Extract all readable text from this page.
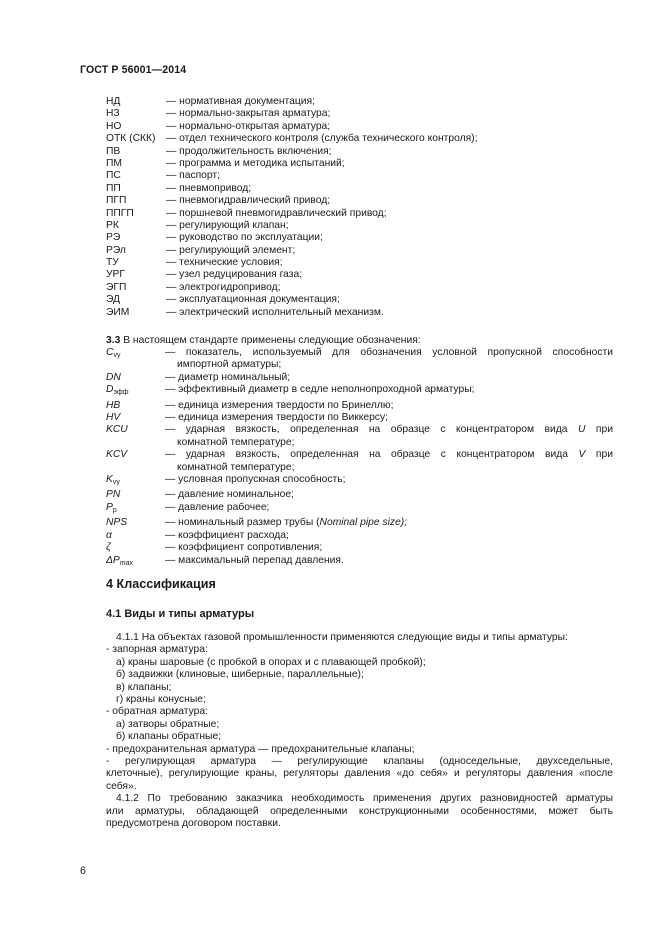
ГОСТ Р 56001—2014
НД	— нормативная документация;
НЗ	— нормально-закрытая арматура;
НО	— нормально-открытая арматура;
ОТК (СКК)	— отдел технического контроля (служба технического контроля);
ПВ	— продолжительность включения;
ПМ	— программа и методика испытаний;
ПС	— паспорт;
ПП	— пневмопривод;
ПГП	— пневмогидравлический привод;
ППГП	— поршневой пневмогидравлический привод;
РК	— регулирующий клапан;
РЭ	— руководство по эксплуатации;
РЭл	— регулирующий элемент;
ТУ	— технические условия;
УРГ	— узел редуцирования газа;
ЭГП	— электрогидропривод;
ЭД	— эксплуатационная документация;
ЭИМ	— электрический исполнительный механизм.
3.3 В настоящем стандарте применены следующие обозначения:
$C_{vy}$	— показатель, используемый для обозначения условной пропускной способности
импортной арматуры;
DN	— диаметр номинальный;
$D_{эфф}$	— эффективный диаметр в седле неполнопроходной арматуры;
HB	— единица измерения твердости по Бринеллю;
HV	— единица измерения твердости по Виккерсу;
KCU	— ударная вязкость, определенная на образце с концентратором вида U при
комнатной температуре;
KCV	— ударная вязкость, определенная на образце с концентратором вида V при
комнатной температуре;
$K_{vy}$	— условная пропускная способность;
PN	— давление номинальное;
$P_p$	— давление рабочее;
NPS	— номинальный размер трубы (Nominal pipe size);
α	— коэффициент расхода;
ζ	— коэффициент сопротивления;
$\Delta P_{max}$	— максимальный перепад давления.
4 Классификация
4.1 Виды и типы арматуры

4.1.1 На объектах газовой промышленности применяются следующие виды и типы арматуры:

- запорная арматура:

а) краны шаровые (с пробкой в опорах и с плавающей пробкой);

б) задвижки (клиновые, шиберные, параллельные);

в) клапаны;

г) краны конусные;

- обратная арматура:

а) затворы обратные;

б) клапаны обратные;

- предохранительная арматура — предохранительные клапаны;

- регулирующая арматура — регулирующие клапаны (односедельные, двухседельные,

клеточные), регулирующие краны, регуляторы давления «до себя» и регуляторы давления «после

себя».

4.1.2 По требованию заказчика необходимость применения других разновидностей арматуры

или арматуры, обладающей определенными конструкционными особенностями, может быть

предусмотрена договором поставки.

6
